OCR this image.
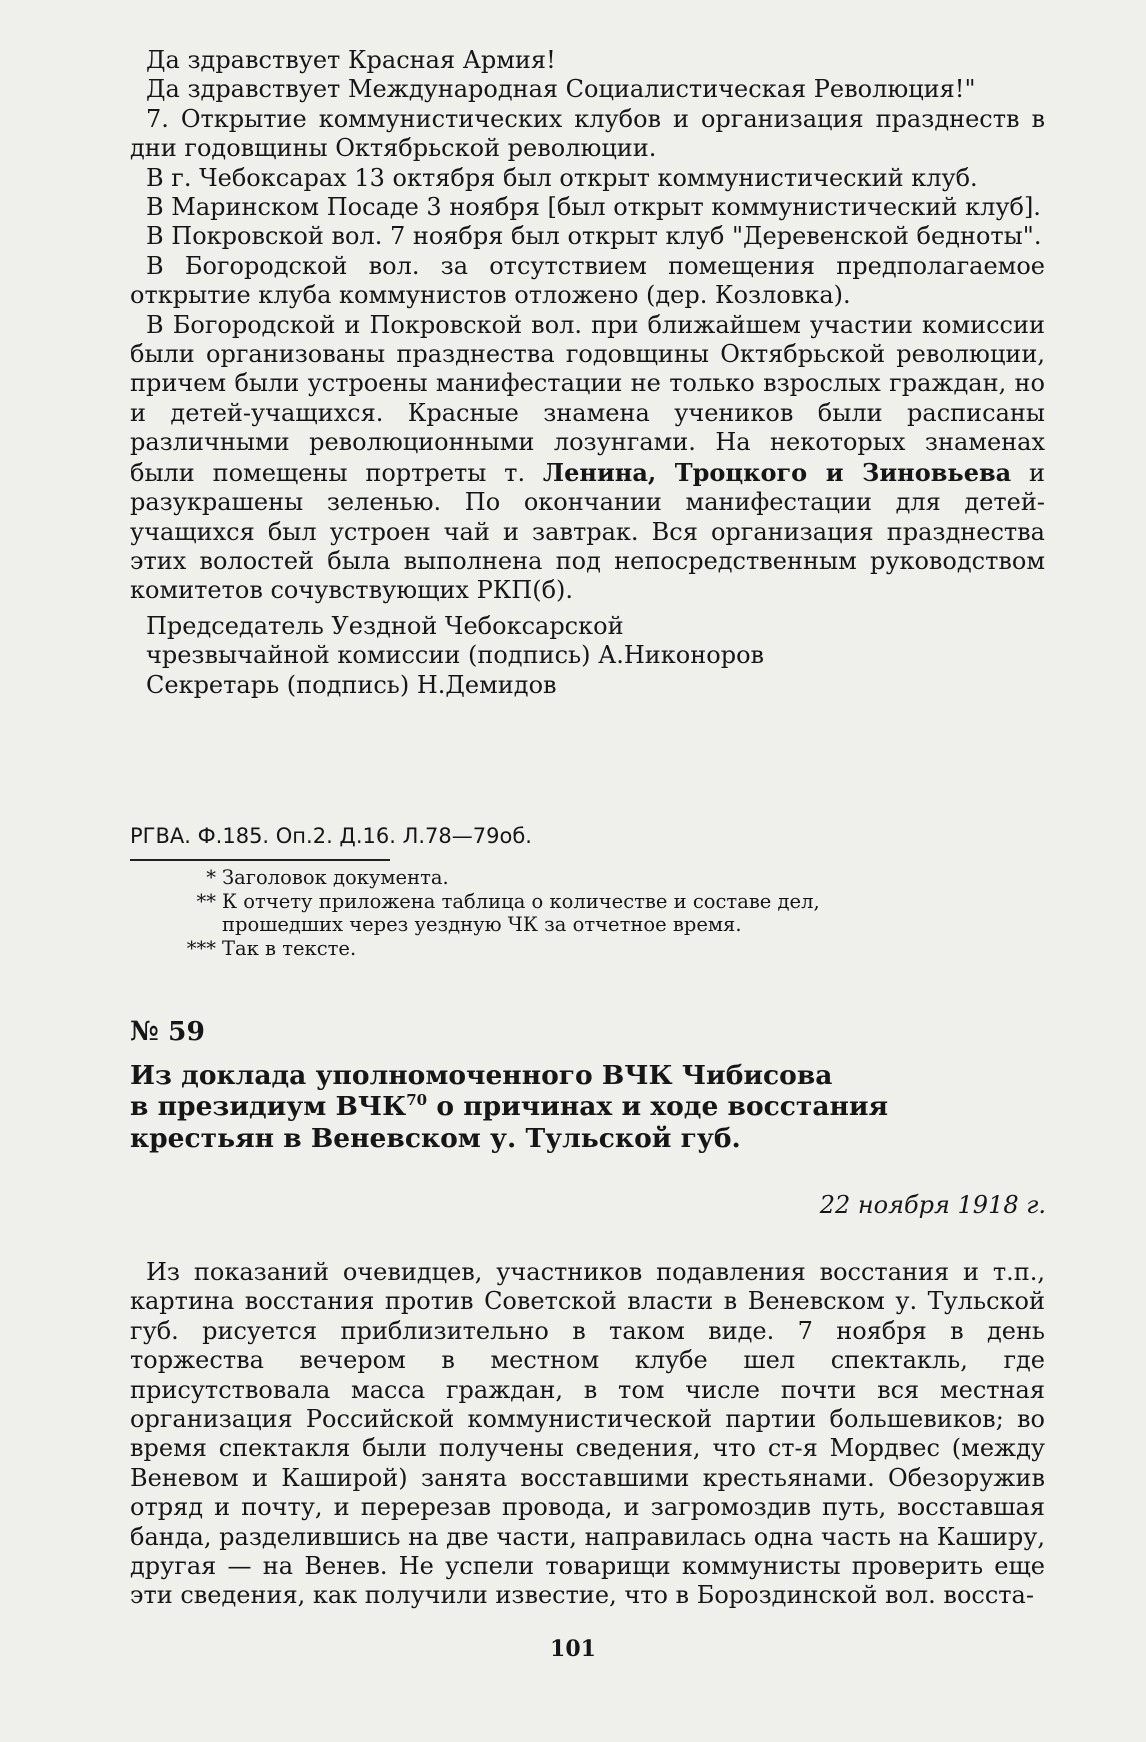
Да здравствует Красная Армия!
Да здравствует Международная Социалистическая Революция!"
7. Открытие коммунистических клубов и организация празднеств в дни годовщины Октябрьской революции.
В г. Чебоксарах 13 октября был открыт коммунистический клуб.
В Маринском Посаде 3 ноября [был открыт коммунистический клуб].
В Покровской вол. 7 ноября был открыт клуб "Деревенской бедноты".
В Богородской вол. за отсутствием помещения предполагаемое открытие клуба коммунистов отложено (дер. Козловка).
В Богородской и Покровской вол. при ближайшем участии комиссии были организованы празднества годовщины Октябрьской революции, причем были устроены манифестации не только взрослых граждан, но и детей-учащихся. Красные знамена учеников были расписаны различными революционными лозунгами. На некоторых знаменах были помещены портреты т. Ленина, Троцкого и Зиновьева и разукрашены зеленью. По окончании манифестации для детей-учащихся был устроен чай и завтрак. Вся организация празднества этих волостей была выполнена под непосредственным руководством комитетов сочувствующих РКП(б).
Председатель Уездной Чебоксарской
чрезвычайной комиссии (подпись) А.Никоноров
Секретарь (подпись) Н.Демидов
РГВА. Ф.185. Оп.2. Д.16. Л.78—79об.
* Заголовок документа.
** К отчету приложена таблица о количестве и составе дел,
прошедших через уездную ЧК за отчетное время.
*** Так в тексте.
№ 59
Из доклада уполномоченного ВЧК Чибисова
в президиум ВЧК$^{70}$ о причинах и ходе восстания
крестьян в Веневском у. Тульской губ.
22 ноября 1918 г.
Из показаний очевидцев, участников подавления восстания и т.п., картина восстания против Советской власти в Веневском у. Тульской губ. рисуется приблизительно в таком виде. 7 ноября в день торжества вечером в местном клубе шел спектакль, где присутствовала масса граждан, в том числе почти вся местная организация Российской коммунистической партии большевиков; во время спектакля были получены сведения, что ст-я Мордвес (между Веневом и Каширой) занята восставшими крестьянами. Обезоружив отряд и почту, и перерезав провода, и загромоздив путь, восставшая банда, разделившись на две части, направилась одна часть на Каширу, другая — на Венев. Не успели товарищи коммунисты проверить еще эти сведения, как получили известие, что в Бороздинской вол. восста-
101
